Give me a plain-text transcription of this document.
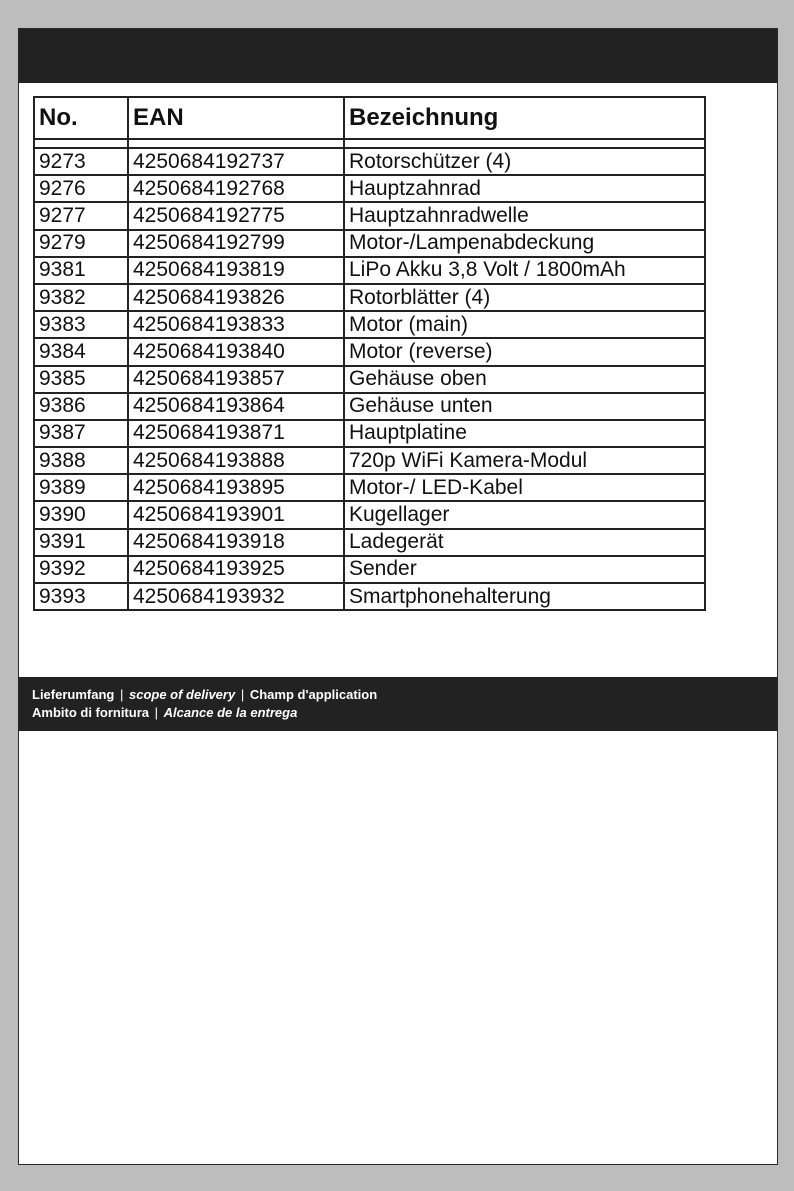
No.	EAN	Bezeichnung

9273	4250684192737	Rotorschützer (4)
9276	4250684192768	Hauptzahnrad
9277	4250684192775	Hauptzahnradwelle
9279	4250684192799	Motor-/Lampenabdeckung
9381	4250684193819	LiPo Akku 3,8 Volt / 1800mAh
9382	4250684193826	Rotorblätter (4)
9383	4250684193833	Motor (main)
9384	4250684193840	Motor (reverse)
9385	4250684193857	Gehäuse oben
9386	4250684193864	Gehäuse unten
9387	4250684193871	Hauptplatine
9388	4250684193888	720p WiFi Kamera-Modul
9389	4250684193895	Motor-/ LED-Kabel
9390	4250684193901	Kugellager
9391	4250684193918	Ladegerät
9392	4250684193925	Sender
9393	4250684193932	Smartphonehalterung
Lieferumfang | scope of delivery | Champ d'application
Ambito di fornitura | Alcance de la entrega
